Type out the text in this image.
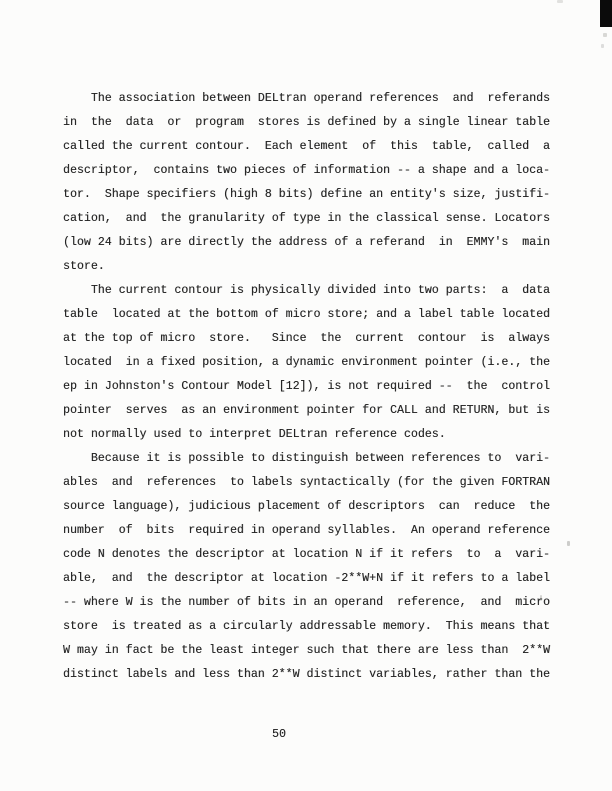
The association between DELtran operand references  and  referands
in  the  data  or  program  stores is defined by a single linear table
called the current contour.  Each element  of  this  table,  called  a
descriptor,  contains two pieces of information -- a shape and a loca-
tor.  Shape specifiers (high 8 bits) define an entity's size, justifi-
cation,  and  the granularity of type in the classical sense. Locators
(low 24 bits) are directly the address of a referand  in  EMMY's  main
store.
The current contour is physically divided into two parts:  a  data
table  located at the bottom of micro store; and a label table located
at the top of micro  store.   Since  the  current  contour  is  always
located  in a fixed position, a dynamic environment pointer (i.e., the
ep in Johnston's Contour Model [12]), is not required --  the  control
pointer  serves  as an environment pointer for CALL and RETURN, but is
not normally used to interpret DELtran reference codes.
Because it is possible to distinguish between references to  vari-
ables  and  references  to labels syntactically (for the given FORTRAN
source language), judicious placement of descriptors  can  reduce  the
number  of  bits  required in operand syllables.  An operand reference
code N denotes the descriptor at location N if it refers  to  a  vari-
able,  and  the descriptor at location -2**W+N if it refers to a label
-- where W is the number of bits in an operand  reference,  and  micro
store  is treated as a circularly addressable memory.  This means that
W may in fact be the least integer such that there are less than  2**W
distinct labels and less than 2**W distinct variables, rather than the
50
